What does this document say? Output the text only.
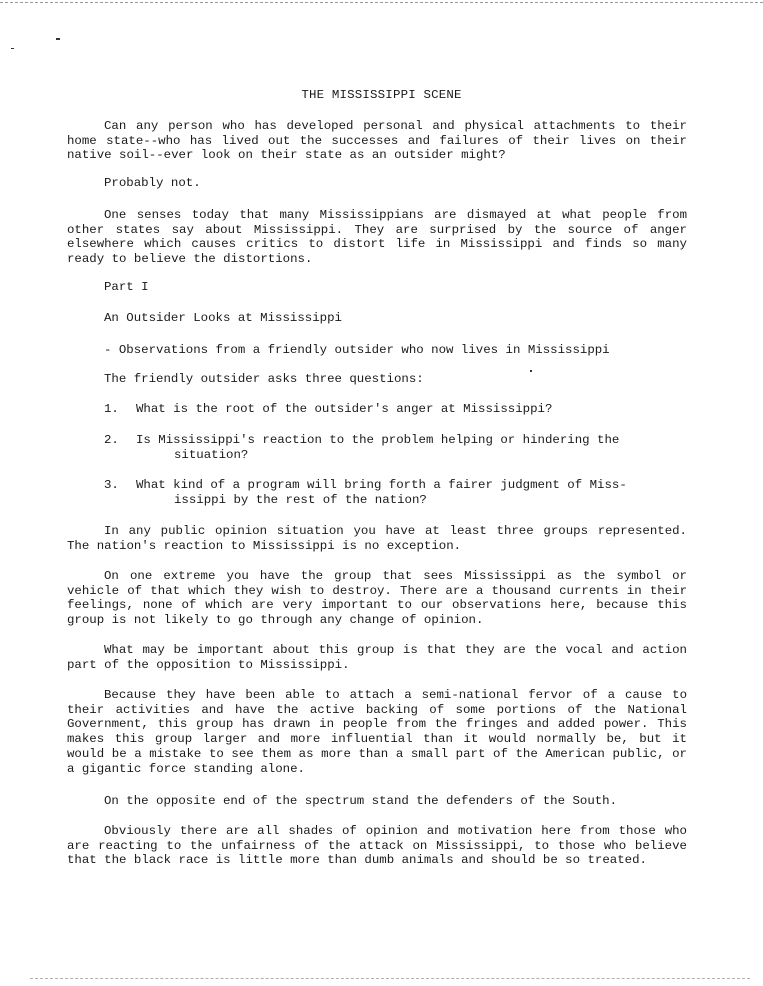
THE MISSISSIPPI SCENE

Can any person who has developed personal and physical attachments to their home state--who has lived out the successes and failures of their lives on their native soil--ever look on their state as an outsider might?

Probably not.

One senses today that many Mississippians are dismayed at what people from other states say about Mississippi. They are surprised by the source of anger elsewhere which causes critics to distort life in Mississippi and finds so many ready to believe the distortions.

Part I

An Outsider Looks at Mississippi

- Observations from a friendly outsider who now lives in Mississippi

The friendly outsider asks three questions:

1. What is the root of the outsider's anger at Mississippi?
2. Is Mississippi's reaction to the problem helping or hindering the
situation?
3. What kind of a program will bring forth a fairer judgment of Miss-
issippi by the rest of the nation?

In any public opinion situation you have at least three groups represented. The nation's reaction to Mississippi is no exception.

On one extreme you have the group that sees Mississippi as the symbol or vehicle of that which they wish to destroy. There are a thousand currents in their feelings, none of which are very important to our observations here, because this group is not likely to go through any change of opinion.

What may be important about this group is that they are the vocal and action part of the opposition to Mississippi.

Because they have been able to attach a semi-national fervor of a cause to their activities and have the active backing of some portions of the National Government, this group has drawn in people from the fringes and added power. This makes this group larger and more influential than it would normally be, but it would be a mistake to see them as more than a small part of the American public, or a gigantic force standing alone.

On the opposite end of the spectrum stand the defenders of the South.

Obviously there are all shades of opinion and motivation here from those who are reacting to the unfairness of the attack on Mississippi, to those who believe that the black race is little more than dumb animals and should be so treated.
